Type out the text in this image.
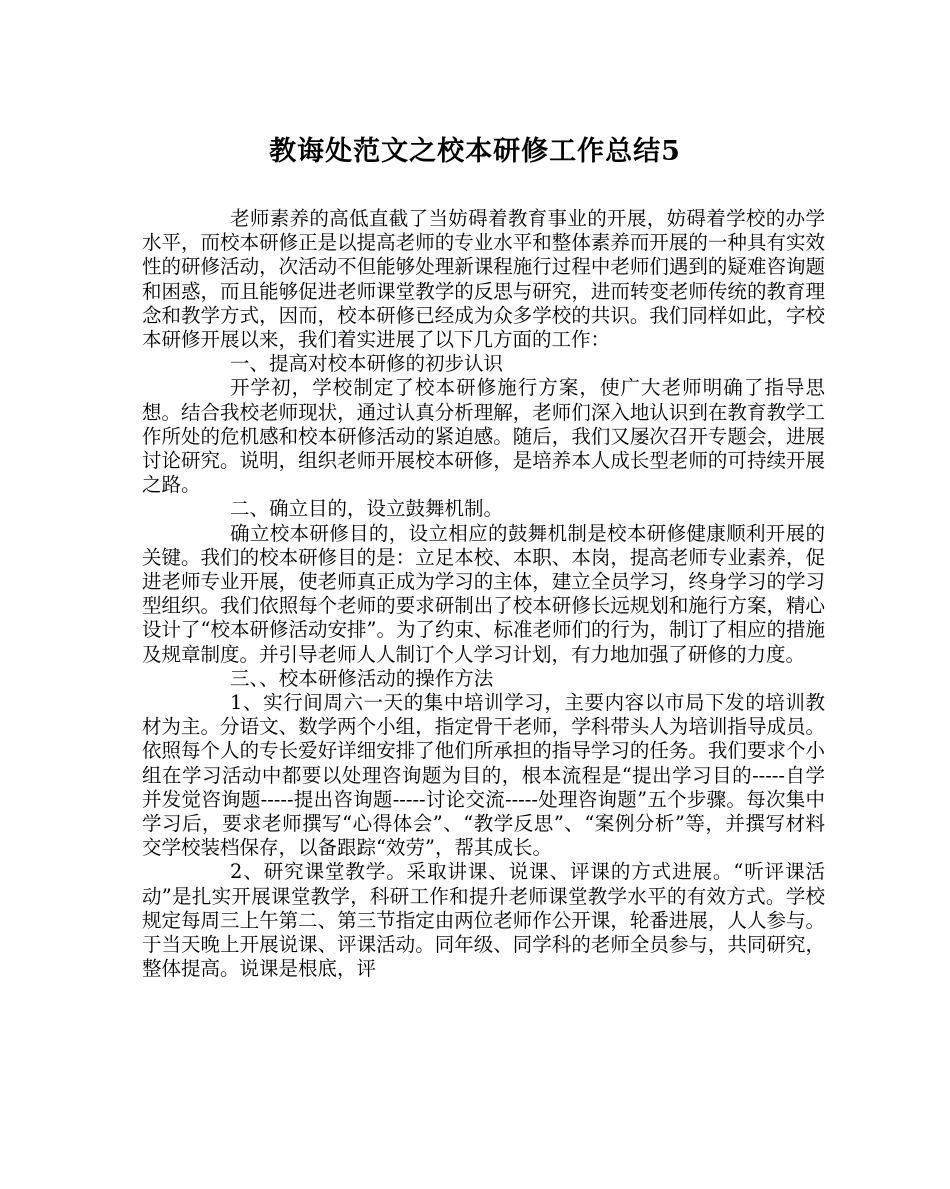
教诲处范文之校本研修工作总结5

老师素养的高低直截了当妨碍着教育事业的开展，妨碍着学校的办学水平，而校本研修正是以提高老师的专业水平和整体素养而开展的一种具有实效性的研修活动，次活动不但能够处理新课程施行过程中老师们遇到的疑难咨询题和困惑，而且能够促进老师课堂教学的反思与研究，进而转变老师传统的教育理念和教学方式，因而，校本研修已经成为众多学校的共识。我们同样如此，字校本研修开展以来，我们着实进展了以下几方面的工作：

一、提高对校本研修的初步认识

开学初，学校制定了校本研修施行方案，使广大老师明确了指导思想。结合我校老师现状，通过认真分析理解，老师们深入地认识到在教育教学工作所处的危机感和校本研修活动的紧迫感。随后，我们又屡次召开专题会，进展讨论研究。说明，组织老师开展校本研修，是培养本人成长型老师的可持续开展之路。

二、确立目的，设立鼓舞机制。

确立校本研修目的，设立相应的鼓舞机制是校本研修健康顺利开展的关键。我们的校本研修目的是：立足本校、本职、本岗，提高老师专业素养，促进老师专业开展，使老师真正成为学习的主体，建立全员学习，终身学习的学习型组织。我们依照每个老师的要求研制出了校本研修长远规划和施行方案，精心设计了“校本研修活动安排”。为了约束、标准老师们的行为，制订了相应的措施及规章制度。并引导老师人人制订个人学习计划，有力地加强了研修的力度。

三、、校本研修活动的操作方法

1、实行间周六一天的集中培训学习，主要内容以市局下发的培训教材为主。分语文、数学两个小组，指定骨干老师，学科带头人为培训指导成员。依照每个人的专长爱好详细安排了他们所承担的指导学习的任务。我们要求个小组在学习活动中都要以处理咨询题为目的，根本流程是“提出学习目的-----自学并发觉咨询题-----提出咨询题-----讨论交流-----处理咨询题”五个步骤。每次集中学习后，要求老师撰写“心得体会”、“教学反思”、“案例分析”等，并撰写材料交学校装档保存，以备跟踪“效劳”，帮其成长。

2、研究课堂教学。采取讲课、说课、评课的方式进展。“听评课活动”是扎实开展课堂教学，科研工作和提升老师课堂教学水平的有效方式。学校规定每周三上午第二、第三节指定由两位老师作公开课，轮番进展，人人参与。于当天晚上开展说课、评课活动。同年级、同学科的老师全员参与，共同研究，整体提高。说课是根底，评
